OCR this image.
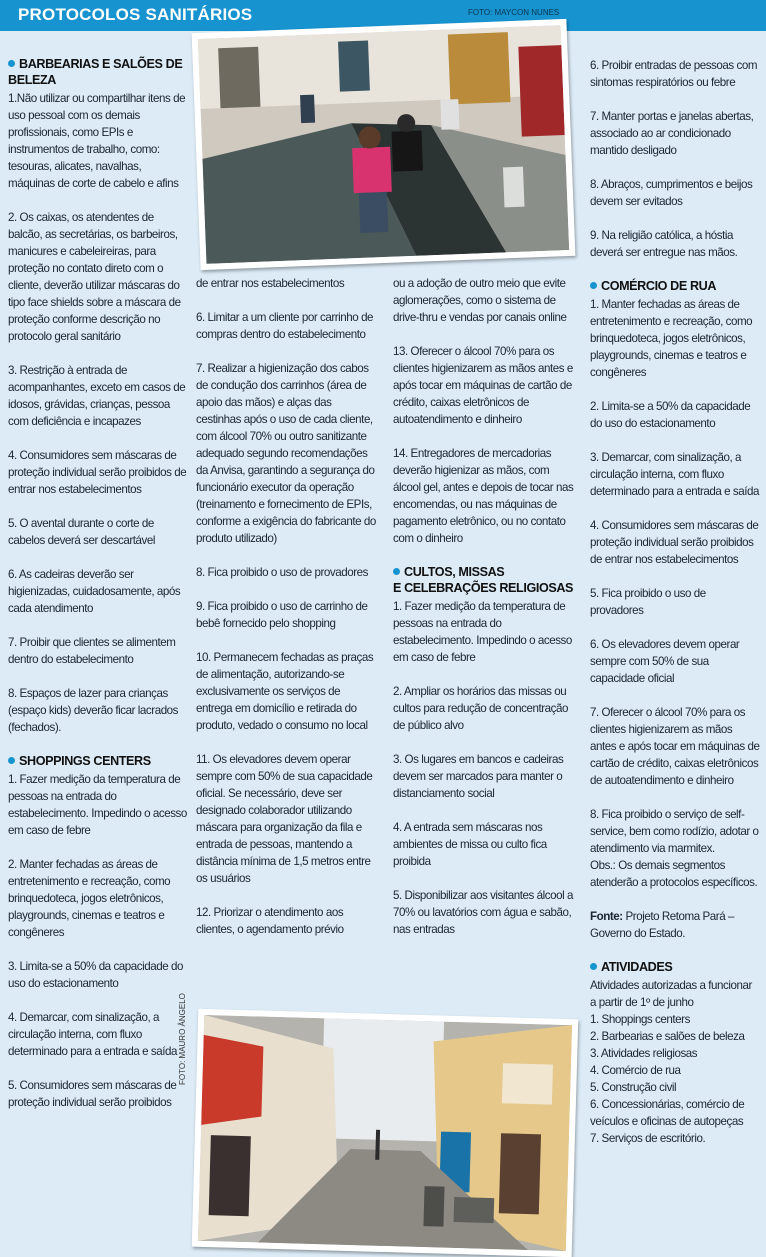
PROTOCOLOS SANITÁRIOS	FOTO: MAYCON NUNES
BARBEARIAS E SALÕES DE
BELEZA

1.Não utilizar ou compartilhar itens de uso pessoal com os demais profissionais, como EPIs e instrumentos de trabalho, como: tesouras, alicates, navalhas, máquinas de corte de cabelo e afins

2. Os caixas, os atendentes de balcão, as secretárias, os barbeiros, manicures e cabeleireiras, para proteção no contato direto com o cliente, deverão utilizar máscaras do tipo face shields sobre a máscara de proteção conforme descrição no protocolo geral sanitário

3. Restrição à entrada de acompanhantes, exceto em casos de idosos, grávidas, crianças, pessoa com deficiência e incapazes

4. Consumidores sem máscaras de proteção individual serão proibidos de entrar nos estabelecimentos

5. O avental durante o corte de cabelos deverá ser descartável

6. As cadeiras deverão ser higienizadas, cuidadosamente, após cada atendimento

7. Proibir que clientes se alimentem dentro do estabelecimento

8. Espaços de lazer para crianças (espaço kids) deverão ficar lacrados (fechados).

SHOPPINGS CENTERS

1. Fazer medição da temperatura de pessoas na entrada do estabelecimento. Impedindo o acesso em caso de febre

2. Manter fechadas as áreas de entretenimento e recreação, como brinquedoteca, jogos eletrônicos, playgrounds, cinemas e teatros e congêneres

3. Limita-se a 50% da capacidade do uso do estacionamento

4. Demarcar, com sinalização, a circulação interna, com fluxo determinado para a entrada e saída

5. Consumidores sem máscaras de proteção individual serão proibidos

de entrar nos estabelecimentos

6. Limitar a um cliente por carrinho de compras dentro do estabelecimento

7. Realizar a higienização dos cabos de condução dos carrinhos (área de apoio das mãos) e alças das cestinhas após o uso de cada cliente, com álcool 70% ou outro sanitizante adequado segundo recomendações da Anvisa, garantindo a segurança do funcionário executor da operação (treinamento e fornecimento de EPIs, conforme a exigência do fabricante do produto utilizado)

8. Fica proibido o uso de provadores

9. Fica proibido o uso de carrinho de bebê fornecido pelo shopping

10. Permanecem fechadas as praças de alimentação, autorizando-se exclusivamente os serviços de entrega em domicílio e retirada do produto, vedado o consumo no local

11. Os elevadores devem operar sempre com 50% de sua capacidade oficial. Se necessário, deve ser designado colaborador utilizando máscara para organização da fila e entrada de pessoas, mantendo a distância mínima de 1,5 metros entre os usuários

12. Priorizar o atendimento aos clientes, o agendamento prévio

ou a adoção de outro meio que evite aglomerações, como o sistema de drive-thru e vendas por canais online

13. Oferecer o álcool 70% para os clientes higienizarem as mãos antes e após tocar em máquinas de cartão de crédito, caixas eletrônicos de autoatendimento e dinheiro

14. Entregadores de mercadorias deverão higienizar as mãos, com álcool gel, antes e depois de tocar nas encomendas, ou nas máquinas de pagamento eletrônico, ou no contato com o dinheiro

CULTOS, MISSAS
E CELEBRAÇÕES RELIGIOSAS

1. Fazer medição da temperatura de pessoas na entrada do estabelecimento. Impedindo o acesso em caso de febre

2. Ampliar os horários das missas ou cultos para redução de concentração de público alvo

3. Os lugares em bancos e cadeiras devem ser marcados para manter o distanciamento social

4. A entrada sem máscaras nos ambientes de missa ou culto fica proibida

5. Disponibilizar aos visitantes álcool a 70% ou lavatórios com água e sabão, nas entradas

6. Proibir entradas de pessoas com sintomas respiratórios ou febre

7. Manter portas e janelas abertas, associado ao ar condicionado mantido desligado

8. Abraços, cumprimentos e beijos devem ser evitados

9. Na religião católica, a hóstia deverá ser entregue nas mãos.

COMÉRCIO DE RUA

1. Manter fechadas as áreas de entretenimento e recreação, como brinquedoteca, jogos eletrônicos, playgrounds, cinemas e teatros e congêneres

2. Limita-se a 50% da capacidade do uso do estacionamento

3. Demarcar, com sinalização, a circulação interna, com fluxo determinado para a entrada e saída

4. Consumidores sem máscaras de proteção individual serão proibidos de entrar nos estabelecimentos

5. Fica proibido o uso de provadores

6. Os elevadores devem operar sempre com 50% de sua capacidade oficial

7. Oferecer o álcool 70% para os clientes higienizarem as mãos antes e após tocar em máquinas de cartão de crédito, caixas eletrônicos de autoatendimento e dinheiro

8. Fica proibido o serviço de self-service, bem como rodízio, adotar o atendimento via marmitex.

Obs.: Os demais segmentos atenderão a protocolos específicos.

Fonte: Projeto Retoma Pará – Governo do Estado.

ATIVIDADES
Atividades autorizadas a funcionar a partir de 1º de junho
1. Shoppings centers
2. Barbearias e salões de beleza
3. Atividades religiosas
4. Comércio de rua
5. Construção civil
6. Concessionárias, comércio de veículos e oficinas de autopeças
7. Serviços de escritório.
FOTO: MAURO ÂNGELO
